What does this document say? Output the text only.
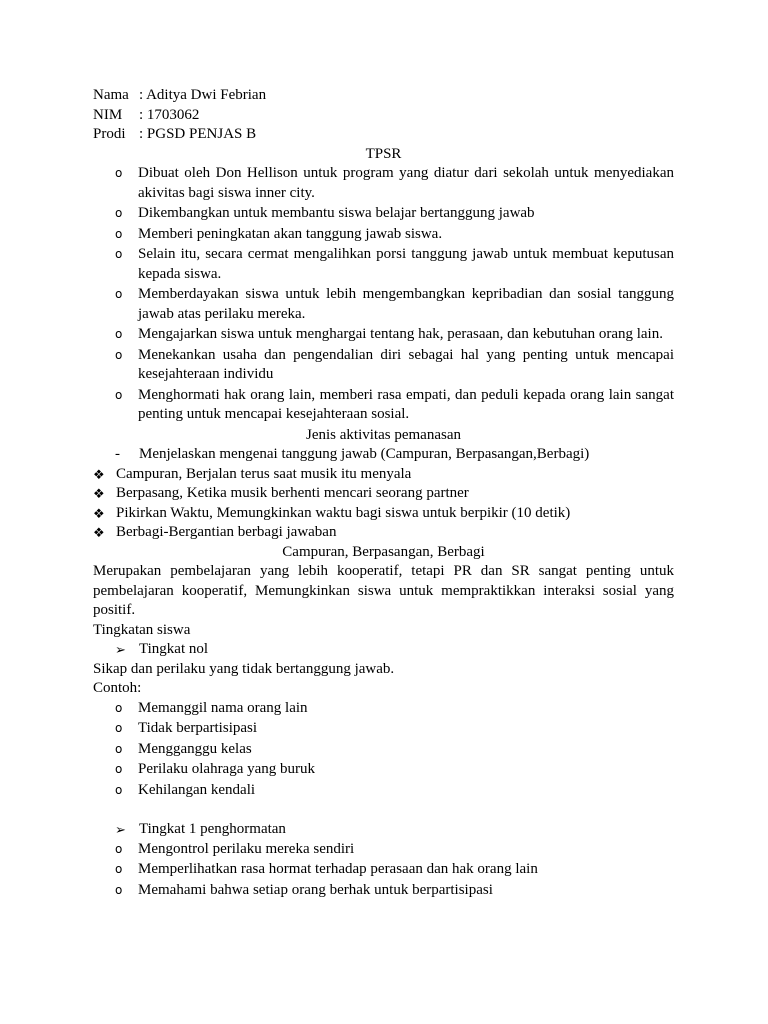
Nama : Aditya Dwi Febrian
NIM	: 1703062
Prodi : PGSD PENJAS B
TPSR
o	Dibuat oleh Don Hellison untuk program yang diatur dari sekolah untuk menyediakan akivitas bagi siswa inner city.
o	Dikembangkan untuk membantu siswa belajar bertanggung jawab
o	Memberi peningkatan akan tanggung jawab siswa.
o	Selain itu, secara cermat mengalihkan porsi tanggung jawab untuk membuat keputusan kepada siswa.
o	Memberdayakan siswa untuk lebih mengembangkan kepribadian dan sosial tanggung jawab atas perilaku mereka.
o	Mengajarkan siswa untuk menghargai tentang hak, perasaan, dan kebutuhan orang lain.
o	Menekankan usaha dan pengendalian diri sebagai hal yang penting untuk mencapai kesejahteraan individu
o	Menghormati hak orang lain, memberi rasa empati, dan peduli kepada orang lain sangat penting untuk mencapai kesejahteraan sosial.
Jenis aktivitas pemanasan
-	Menjelaskan mengenai tanggung jawab (Campuran, Berpasangan,Berbagi)
❖ Campuran, Berjalan terus saat musik itu menyala
❖ Berpasang, Ketika musik berhenti mencari seorang partner
❖ Pikirkan Waktu, Memungkinkan waktu bagi siswa untuk berpikir (10 detik)
❖ Berbagi-Bergantian berbagi jawaban
Campuran, Berpasangan, Berbagi
Merupakan pembelajaran yang lebih kooperatif, tetapi PR dan SR sangat penting untuk pembelajaran kooperatif, Memungkinkan siswa untuk mempraktikkan interaksi sosial yang positif.
Tingkatan siswa
➢ Tingkat nol
Sikap dan perilaku yang tidak bertanggung jawab.
Contoh:
o	Memanggil nama orang lain
o	Tidak berpartisipasi
o	Mengganggu kelas
o	Perilaku olahraga yang buruk
o	Kehilangan kendali
➢ Tingkat 1 penghormatan
o	Mengontrol perilaku mereka sendiri
o	Memperlihatkan rasa hormat terhadap perasaan dan hak orang lain
o	Memahami bahwa setiap orang berhak untuk berpartisipasi
